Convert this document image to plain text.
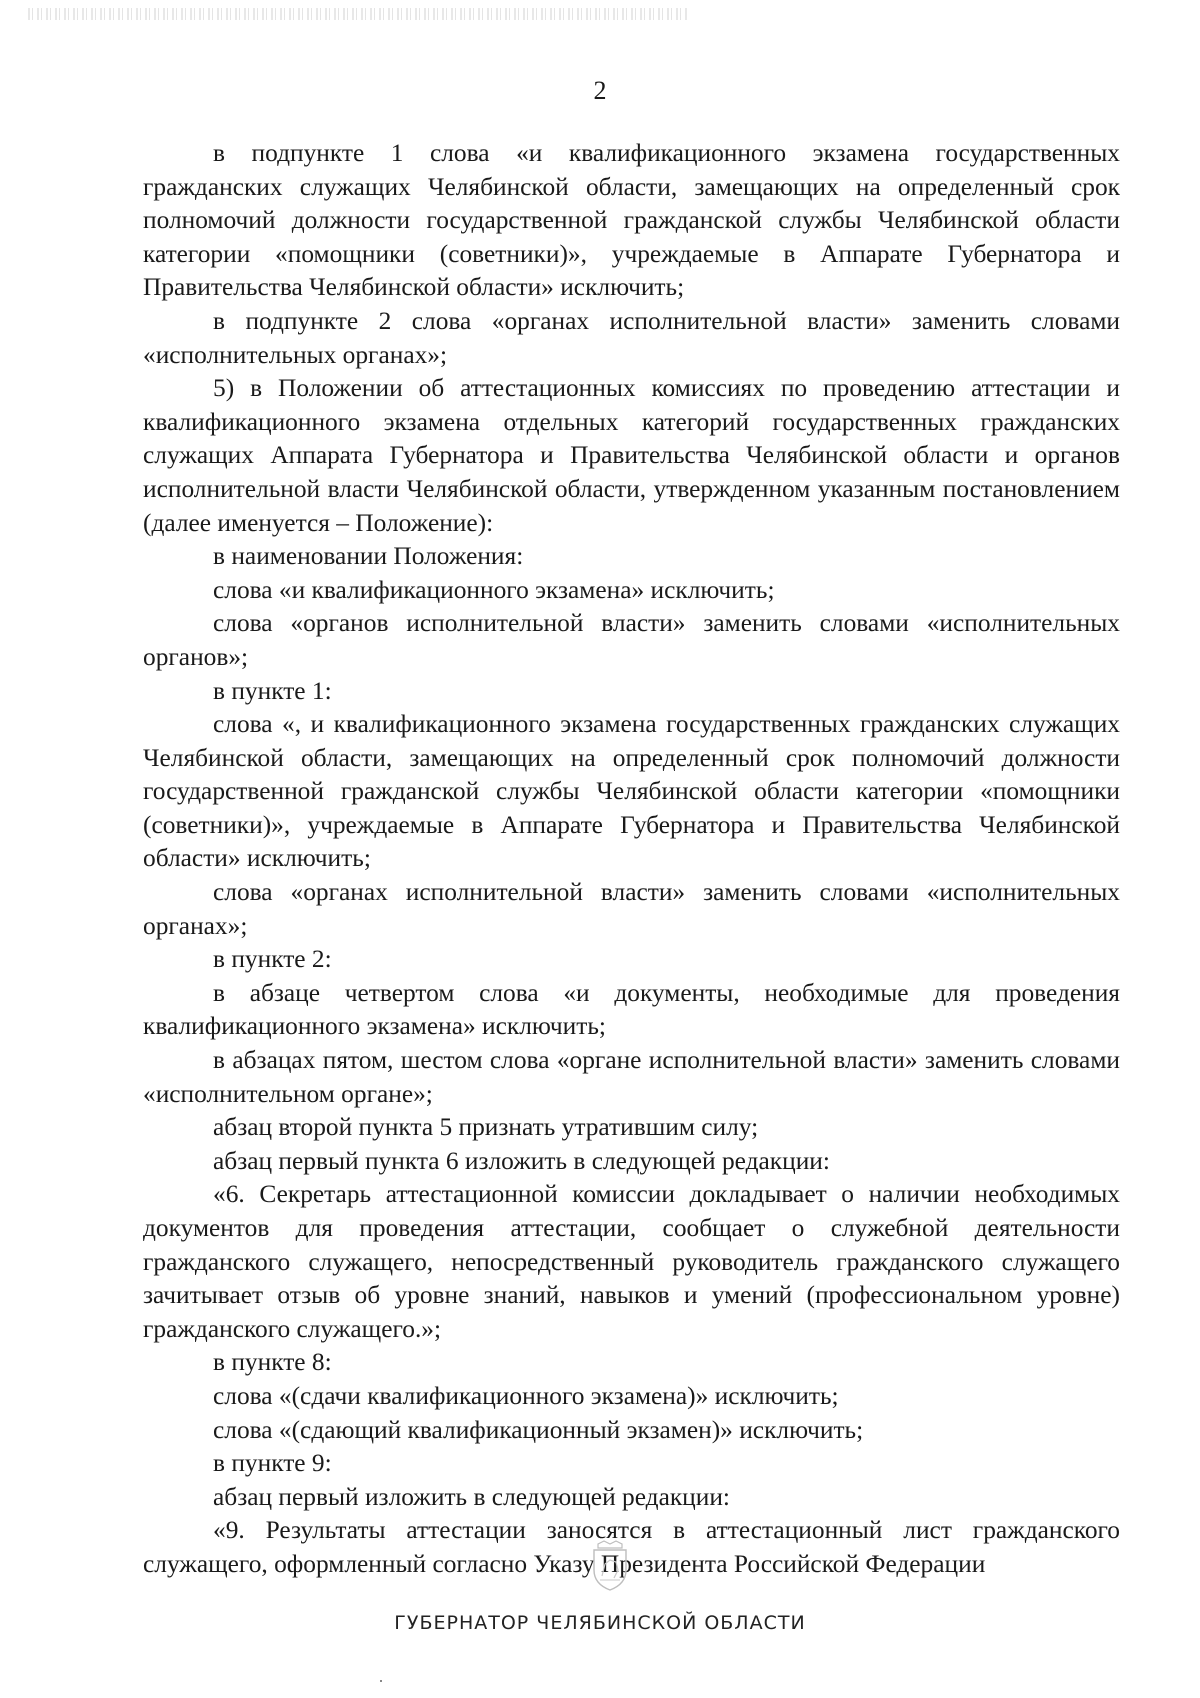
2

в подпункте 1 слова «и квалификационного экзамена государственных гражданских служащих Челябинской области, замещающих на определенный срок полномочий должности государственной гражданской службы Челябинской области категории «помощники (советники)», учреждаемые в Аппарате Губернатора и Правительства Челябинской области» исключить;

в подпункте 2 слова «органах исполнительной власти» заменить словами «исполнительных органах»;

5) в Положении об аттестационных комиссиях по проведению аттестации и квалификационного экзамена отдельных категорий государственных гражданских служащих Аппарата Губернатора и Правительства Челябинской области и органов исполнительной власти Челябинской области, утвержденном указанным постановлением (далее именуется – Положение):

в наименовании Положения:

слова «и квалификационного экзамена» исключить;

слова «органов исполнительной власти» заменить словами «исполнительных органов»;

в пункте 1:

слова «, и квалификационного экзамена государственных гражданских служащих Челябинской области, замещающих на определенный срок полномочий должности государственной гражданской службы Челябинской области категории «помощники (советники)», учреждаемые в Аппарате Губернатора и Правительства Челябинской области» исключить;

слова «органах исполнительной власти» заменить словами «исполнительных органах»;

в пункте 2:

в абзаце четвертом слова «и документы, необходимые для проведения квалификационного экзамена» исключить;

в абзацах пятом, шестом слова «органе исполнительной власти» заменить словами «исполнительном органе»;

абзац второй пункта 5 признать утратившим силу;

абзац первый пункта 6 изложить в следующей редакции:

«6. Секретарь аттестационной комиссии докладывает о наличии необходимых документов для проведения аттестации, сообщает о служебной деятельности гражданского служащего, непосредственный руководитель гражданского служащего зачитывает отзыв об уровне знаний, навыков и умений (профессиональном уровне) гражданского служащего.»;

в пункте 8:

слова «(сдачи квалификационного экзамена)» исключить;

слова «(сдающий квалификационный экзамен)» исключить;

в пункте 9:

абзац первый изложить в следующей редакции:

«9. Результаты аттестации заносятся в аттестационный лист гражданского служащего, оформленный согласно Указу Президента Российской Федерации

ГУБЕРНАТОР ЧЕЛЯБИНСКОЙ ОБЛАСТИ
